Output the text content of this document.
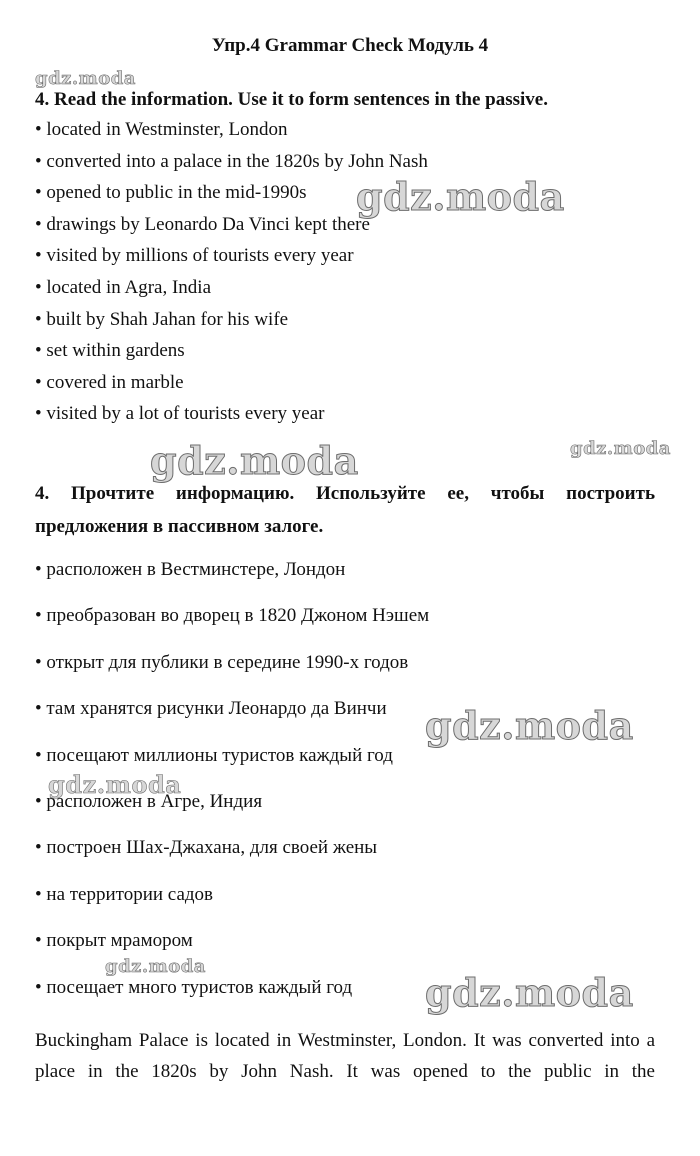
Упр.4 Grammar Check Модуль 4
4. Read the information. Use it to form sentences in the passive.
• located in Westminster, London
• converted into a palace in the 1820s by John Nash
• opened to public in the mid-1990s
• drawings by Leonardo Da Vinci kept there
• visited by millions of tourists every year
• located in Agra, India
• built by Shah Jahan for his wife
• set within gardens
• covered in marble
• visited by a lot of tourists every year
4. Прочтите информацию. Используйте ее, чтобы построить предложения в пассивном залоге.
• расположен в Вестминстере, Лондон
• преобразован во дворец в 1820 Джоном Нэшем
• открыт для публики в середине 1990-х годов
• там хранятся рисунки Леонардо да Винчи
• посещают миллионы туристов каждый год
• расположен в Агре, Индия
• построен Шах-Джахана, для своей жены
• на территории садов
• покрыт мрамором
• посещает много туристов каждый год
Buckingham Palace is located in Westminster, London. It was converted into a place in the 1820s by John Nash. It was opened to the public in the
gdz.moda
gdz.moda
gdz.moda
gdz.moda
gdz.moda
gdz.moda
gdz.moda
gdz.moda
